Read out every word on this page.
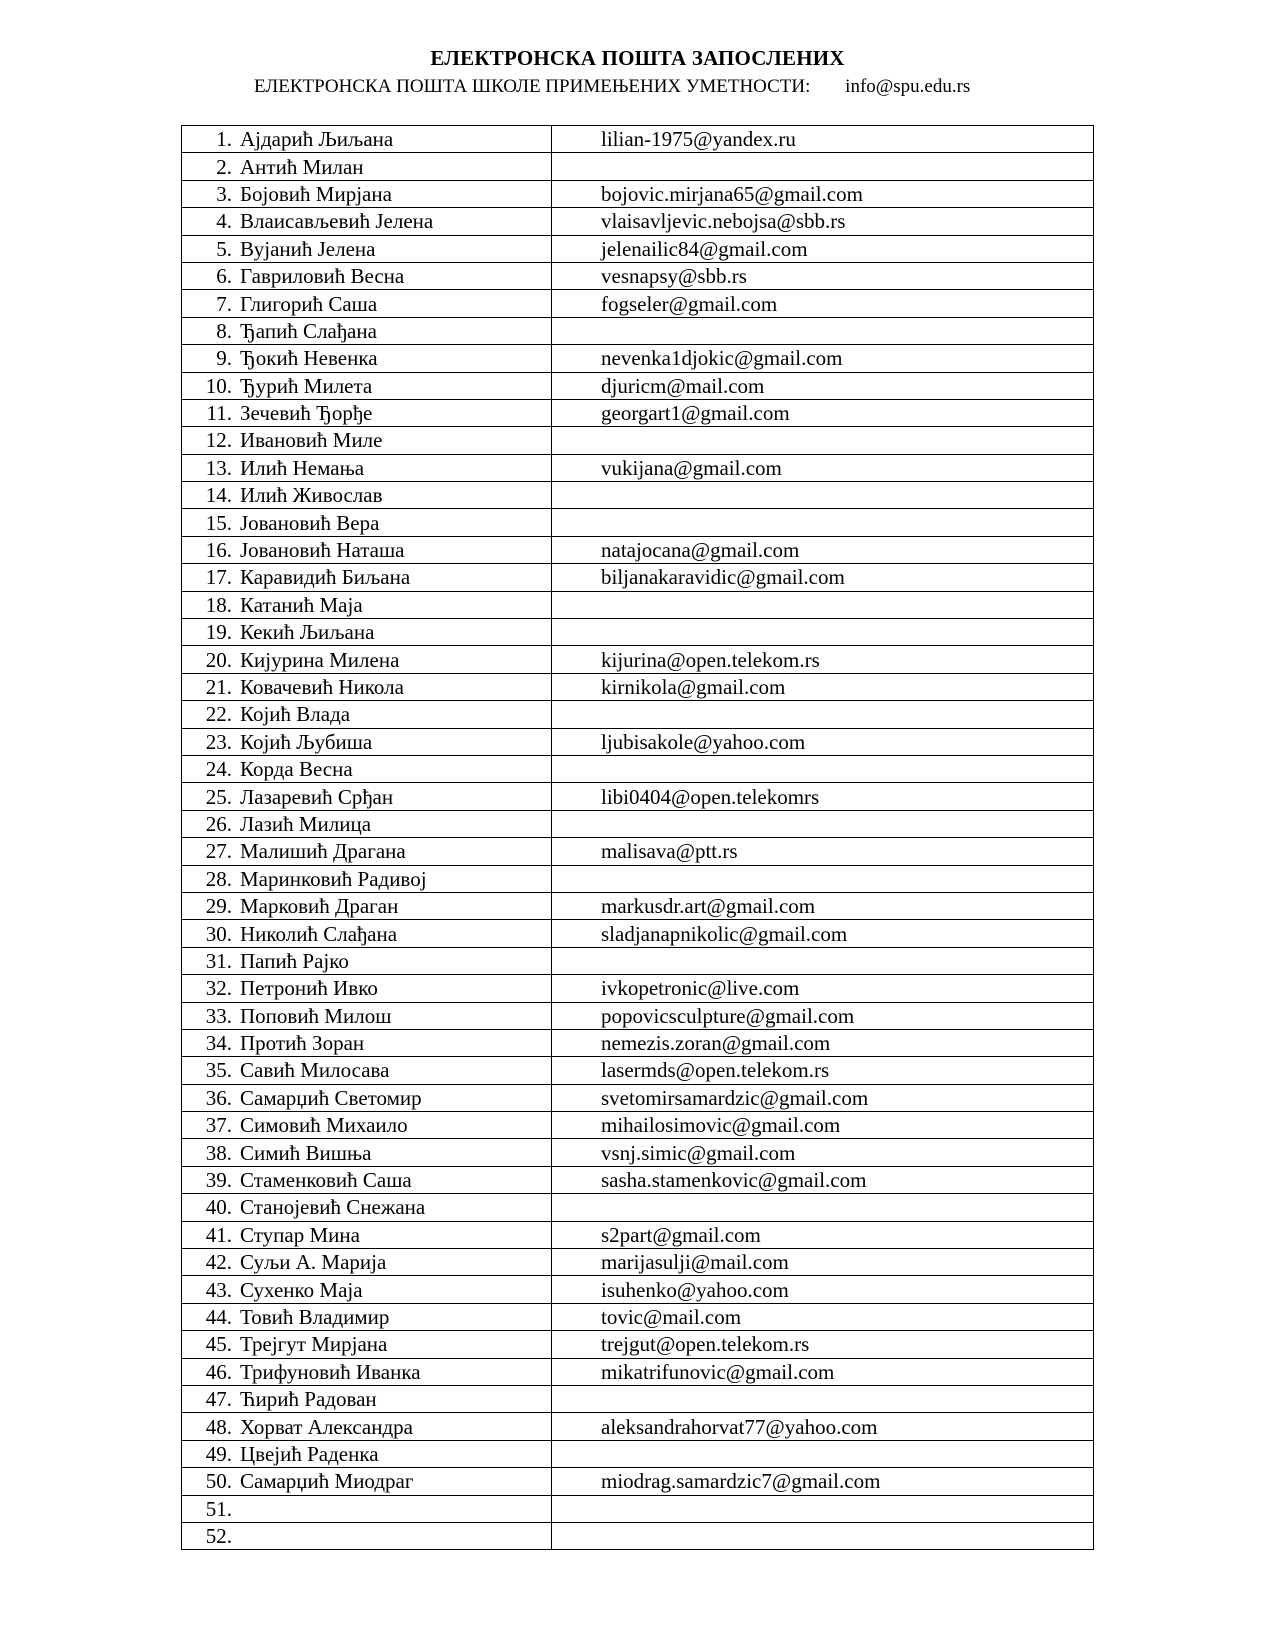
ЕЛЕКТРОНСКА ПОШТА ЗАПОСЛЕНИХ
ЕЛЕКТРОНСКА ПОШТА ШКОЛЕ ПРИМЕЊЕНИХ УМЕТНОСТИ: info@spu.edu.rs
1. Ајдарић Љиљана	lilian-1975@yandex.ru
2. Антић Милан	
3. Бојовић Мирјана	bojovic.mirjana65@gmail.com
4. Влаисављевић Јелена	vlaisavljevic.nebojsa@sbb.rs
5. Вујанић Јелена	jelenailic84@gmail.com
6. Гавриловић Весна	vesnapsy@sbb.rs
7. Глигорић Саша	fogseler@gmail.com
8. Ђапић Слађана	
9. Ђокић Невенка	nevenka1djokic@gmail.com
10. Ђурић Милета	djuricm@mail.com
11. Зечевић Ђорђе	georgart1@gmail.com
12. Ивановић Миле	
13. Илић Немања	vukijana@gmail.com
14. Илић Живослав	
15. Јовановић Вера	
16. Јовановић Наташа	natajocana@gmail.com
17. Каравидић Биљана	biljanakaravidic@gmail.com
18. Катанић Маја	
19. Кекић Љиљана	
20. Кијурина Милена	kijurina@open.telekom.rs
21. Ковачевић Никола	kirnikola@gmail.com
22. Којић Влада	
23. Којић Љубиша	ljubisakole@yahoo.com
24. Корда Весна	
25. Лазаревић Срђан	libi0404@open.telekomrs
26. Лазић Милица	
27. Малишић Драгана	malisava@ptt.rs
28. Маринковић Радивој	
29. Марковић Драган	markusdr.art@gmail.com
30. Николић Слађана	sladjanapnikolic@gmail.com
31. Папић Рајко	
32. Петронић Ивко	ivkopetronic@live.com
33. Поповић Милош	popovicsculpture@gmail.com
34. Протић Зоран	nemezis.zoran@gmail.com
35. Савић Милосава	lasermds@open.telekom.rs
36. Самарџић Светомир	svetomirsamardzic@gmail.com
37. Симовић Михаило	mihailosimovic@gmail.com
38. Симић Вишња	vsnj.simic@gmail.com
39. Стаменковић Саша	sasha.stamenkovic@gmail.com
40. Станојевић Снежана	
41. Ступар Мина	s2part@gmail.com
42. Суљи А. Марија	marijasulji@mail.com
43. Сухенко Маја	isuhenko@yahoo.com
44. Товић Владимир	tovic@mail.com
45. Трејгут Мирјана	trejgut@open.telekom.rs
46. Трифуновић Иванка	mikatrifunovic@gmail.com
47. Ћирић Радован	
48. Хорват Александра	aleksandrahorvat77@yahoo.com
49. Цвејић Раденка	
50. Самарџић Миодраг	miodrag.samardzic7@gmail.com
51.	
52.	
